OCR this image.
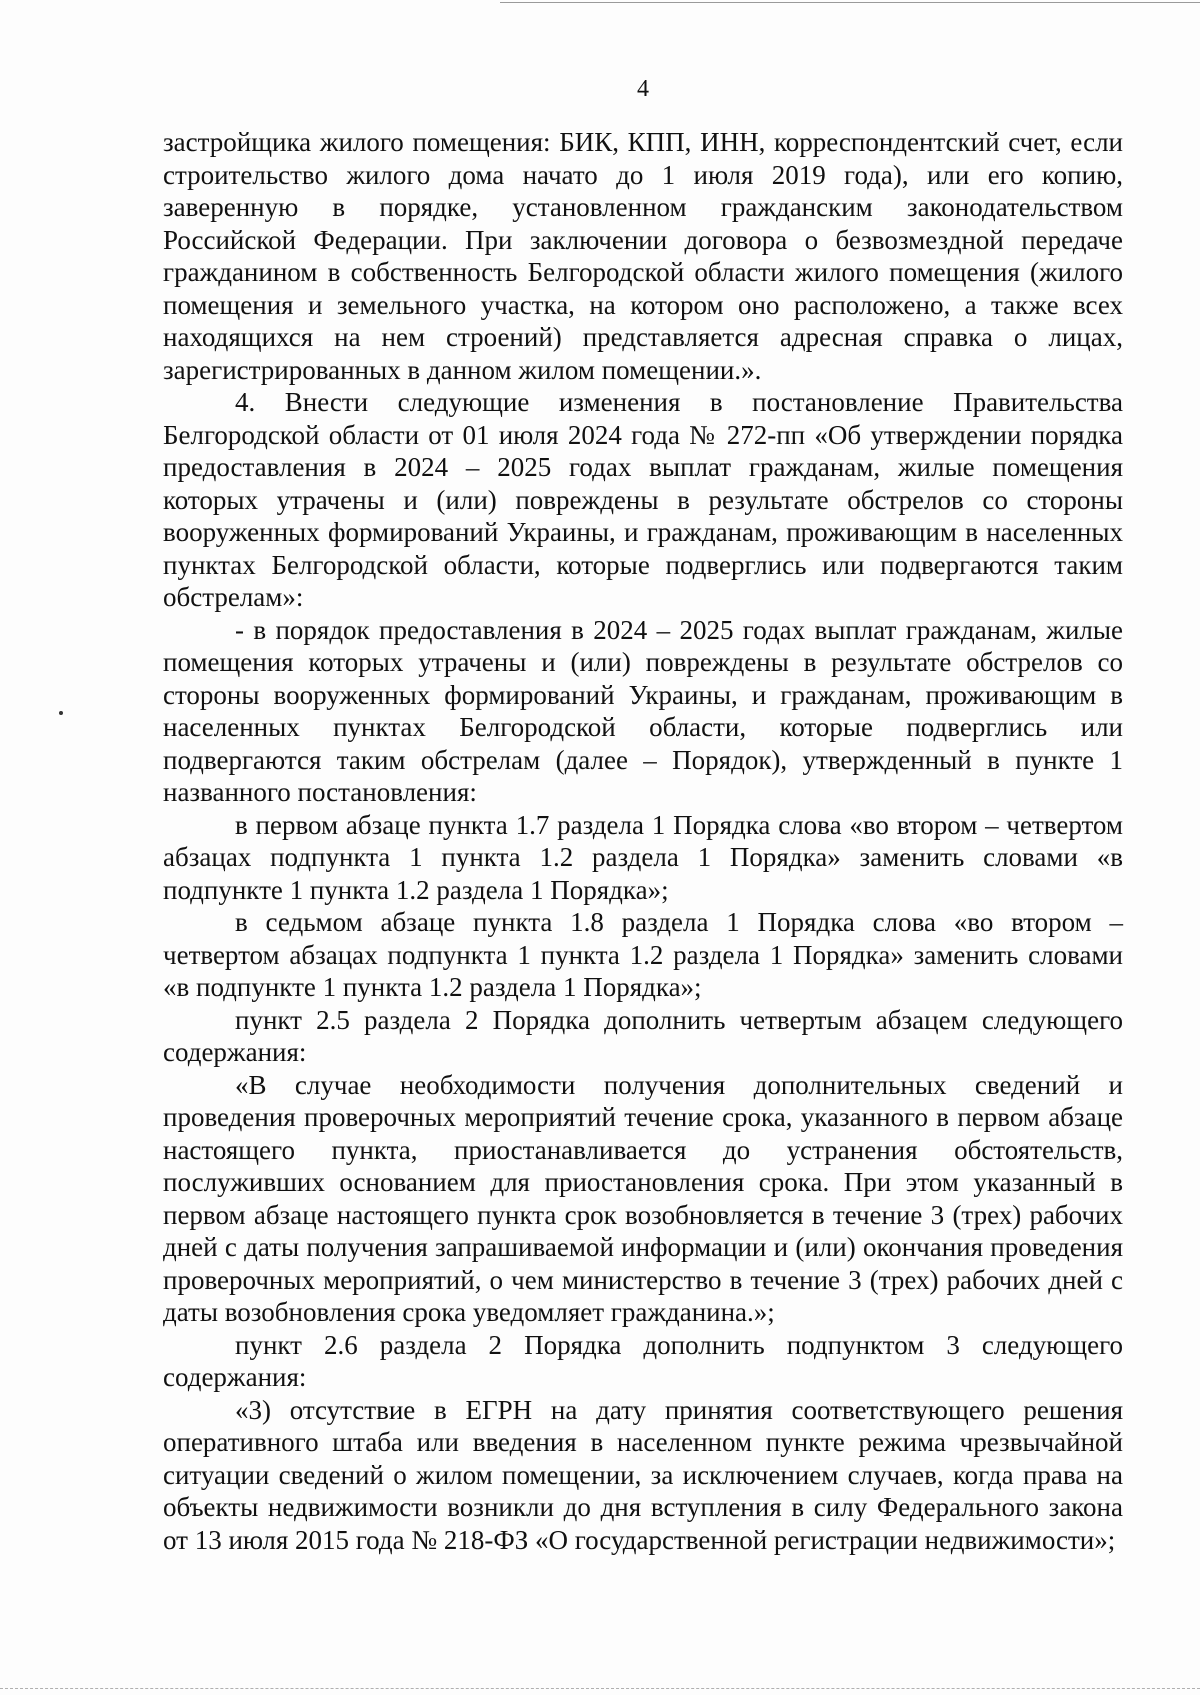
4

застройщика жилого помещения: БИК, КПП, ИНН, корреспондентский счет, если строительство жилого дома начато до 1 июля 2019 года), или его копию, заверенную в порядке, установленном гражданским законодательством Российской Федерации. При заключении договора о безвозмездной передаче гражданином в собственность Белгородской области жилого помещения (жилого помещения и земельного участка, на котором оно расположено, а также всех находящихся на нем строений) представляется адресная справка о лицах, зарегистрированных в данном жилом помещении.».

4. Внести следующие изменения в постановление Правительства Белгородской области от 01 июля 2024 года № 272-пп «Об утверждении порядка предоставления в 2024 – 2025 годах выплат гражданам, жилые помещения которых утрачены и (или) повреждены в результате обстрелов со стороны вооруженных формирований Украины, и гражданам, проживающим в населенных пунктах Белгородской области, которые подверглись или подвергаются таким обстрелам»:

- в порядок предоставления в 2024 – 2025 годах выплат гражданам, жилые помещения которых утрачены и (или) повреждены в результате обстрелов со стороны вооруженных формирований Украины, и гражданам, проживающим в населенных пунктах Белгородской области, которые подверглись или подвергаются таким обстрелам (далее – Порядок), утвержденный в пункте 1 названного постановления:

в первом абзаце пункта 1.7 раздела 1 Порядка слова «во втором – четвертом абзацах подпункта 1 пункта 1.2 раздела 1 Порядка» заменить словами «в подпункте 1 пункта 1.2 раздела 1 Порядка»;

в седьмом абзаце пункта 1.8 раздела 1 Порядка слова «во втором – четвертом абзацах подпункта 1 пункта 1.2 раздела 1 Порядка» заменить словами «в подпункте 1 пункта 1.2 раздела 1 Порядка»;

пункт 2.5 раздела 2 Порядка дополнить четвертым абзацем следующего содержания:

«В случае необходимости получения дополнительных сведений и проведения проверочных мероприятий течение срока, указанного в первом абзаце настоящего пункта, приостанавливается до устранения обстоятельств, послуживших основанием для приостановления срока. При этом указанный в первом абзаце настоящего пункта срок возобновляется в течение 3 (трех) рабочих дней с даты получения запрашиваемой информации и (или) окончания проведения проверочных мероприятий, о чем министерство в течение 3 (трех) рабочих дней с даты возобновления срока уведомляет гражданина.»;

пункт 2.6 раздела 2 Порядка дополнить подпунктом 3 следующего содержания:

«3) отсутствие в ЕГРН на дату принятия соответствующего решения оперативного штаба или введения в населенном пункте режима чрезвычайной ситуации сведений о жилом помещении, за исключением случаев, когда права на объекты недвижимости возникли до дня вступления в силу Федерального закона от 13 июля 2015 года № 218-ФЗ «О государственной регистрации недвижимости»;
